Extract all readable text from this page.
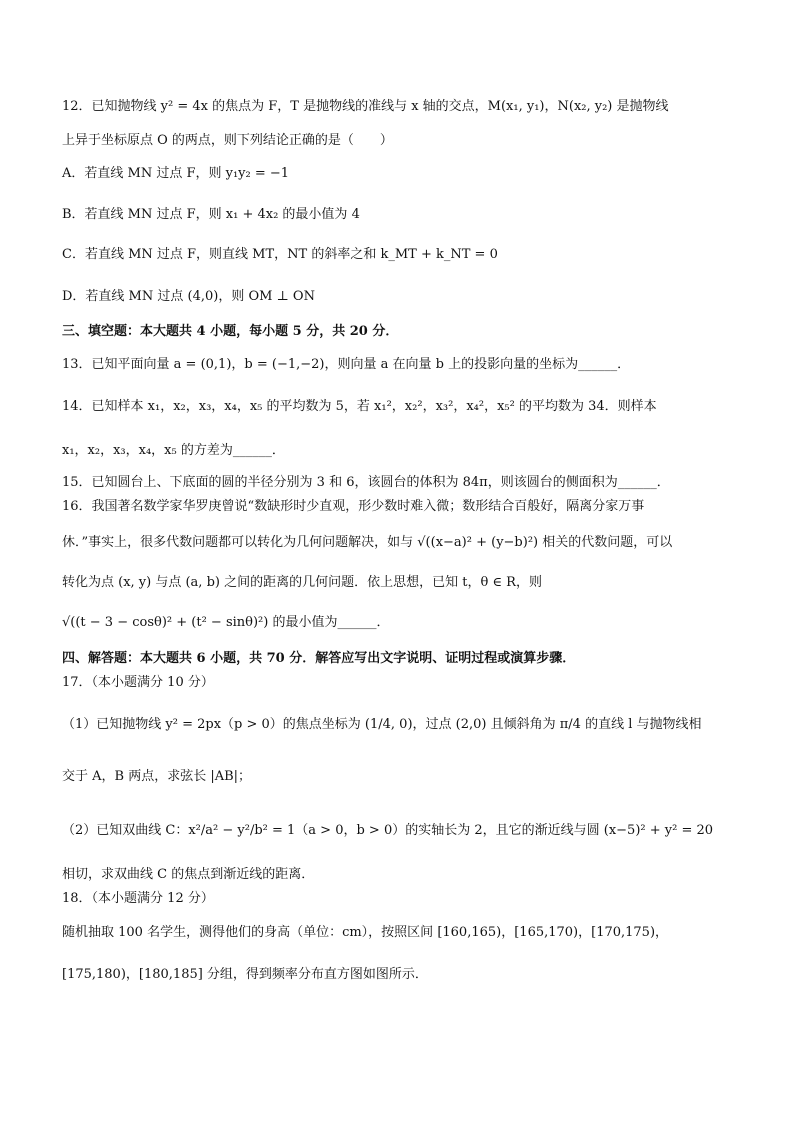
12．已知抛物线 y² = 4x 的焦点为 F，T 是抛物线的准线与 x 轴的交点，M(x₁, y₁)，N(x₂, y₂) 是抛物线
上异于坐标原点 O 的两点，则下列结论正确的是（　　）
A．若直线 MN 过点 F，则 y₁y₂ = −1
B．若直线 MN 过点 F，则 x₁ + 4x₂ 的最小值为 4
C．若直线 MN 过点 F，则直线 MT，NT 的斜率之和 k_MT + k_NT = 0
D．若直线 MN 过点 (4,0)，则 OM ⊥ ON
三、填空题：本大题共 4 小题，每小题 5 分，共 20 分．
13．已知平面向量 a = (0,1)，b = (−1,−2)，则向量 a 在向量 b 上的投影向量的坐标为______．
14．已知样本 x₁，x₂，x₃，x₄，x₅ 的平均数为 5，若 x₁²，x₂²，x₃²，x₄²，x₅² 的平均数为 34．则样本
x₁，x₂，x₃，x₄，x₅ 的方差为______．
15．已知圆台上、下底面的圆的半径分别为 3 和 6，该圆台的体积为 84π，则该圆台的侧面积为______．
16．我国著名数学家华罗庚曾说“数缺形时少直观，形少数时难入微；数形结合百般好，隔离分家万事
休．”事实上，很多代数问题都可以转化为几何问题解决，如与 √((x−a)² + (y−b)²) 相关的代数问题，可以
转化为点 (x, y) 与点 (a, b) 之间的距离的几何问题．依上思想，已知 t，θ ∈ R，则
√((t − 3 − cosθ)² + (t² − sinθ)²) 的最小值为______．
四、解答题：本大题共 6 小题，共 70 分．解答应写出文字说明、证明过程或演算步骤．
17．（本小题满分 10 分）
（1）已知抛物线 y² = 2px（p > 0）的焦点坐标为 (1/4, 0)，过点 (2,0) 且倾斜角为 π/4 的直线 l 与抛物线相
交于 A，B 两点，求弦长 |AB|；
（2）已知双曲线 C：x²/a² − y²/b² = 1（a > 0，b > 0）的实轴长为 2，且它的渐近线与圆 (x−5)² + y² = 20
相切，求双曲线 C 的焦点到渐近线的距离．
18．（本小题满分 12 分）
随机抽取 100 名学生，测得他们的身高（单位：cm），按照区间 [160,165)，[165,170)，[170,175)，
[175,180)，[180,185] 分组，得到频率分布直方图如图所示．
